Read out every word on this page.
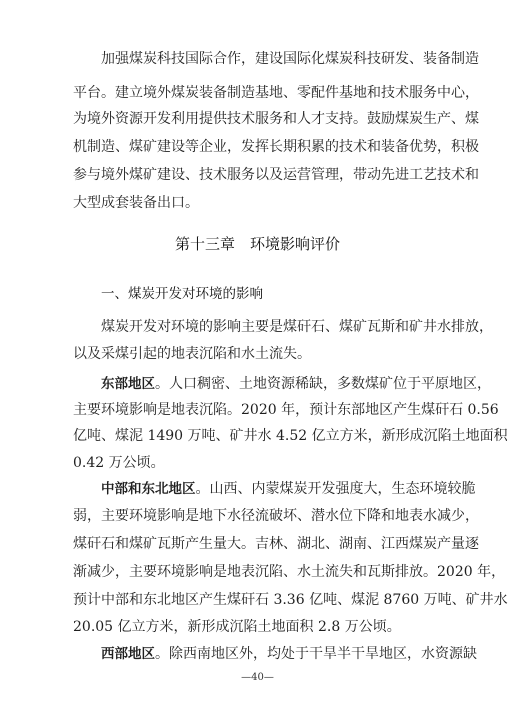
加强煤炭科技国际合作，建设国际化煤炭科技研发、装备制造

平台。建立境外煤炭装备制造基地、零配件基地和技术服务中心，

为境外资源开发利用提供技术服务和人才支持。鼓励煤炭生产、煤

机制造、煤矿建设等企业，发挥长期积累的技术和装备优势，积极

参与境外煤矿建设、技术服务以及运营管理，带动先进工艺技术和

大型成套装备出口。

第十三章　环境影响评价

一、煤炭开发对环境的影响

煤炭开发对环境的影响主要是煤矸石、煤矿瓦斯和矿井水排放，

以及采煤引起的地表沉陷和水土流失。

东部地区。人口稠密、土地资源稀缺，多数煤矿位于平原地区，

主要环境影响是地表沉陷。2020 年，预计东部地区产生煤矸石 0.56

亿吨、煤泥 1490 万吨、矿井水 4.52 亿立方米，新形成沉陷土地面积

0.42 万公顷。

中部和东北地区。山西、内蒙煤炭开发强度大，生态环境较脆

弱，主要环境影响是地下水径流破坏、潜水位下降和地表水减少，

煤矸石和煤矿瓦斯产生量大。吉林、湖北、湖南、江西煤炭产量逐

渐减少，主要环境影响是地表沉陷、水土流失和瓦斯排放。2020 年，

预计中部和东北地区产生煤矸石 3.36 亿吨、煤泥 8760 万吨、矿井水

20.05 亿立方米，新形成沉陷土地面积 2.8 万公顷。

西部地区。除西南地区外，均处于干旱半干旱地区，水资源缺

—40—
